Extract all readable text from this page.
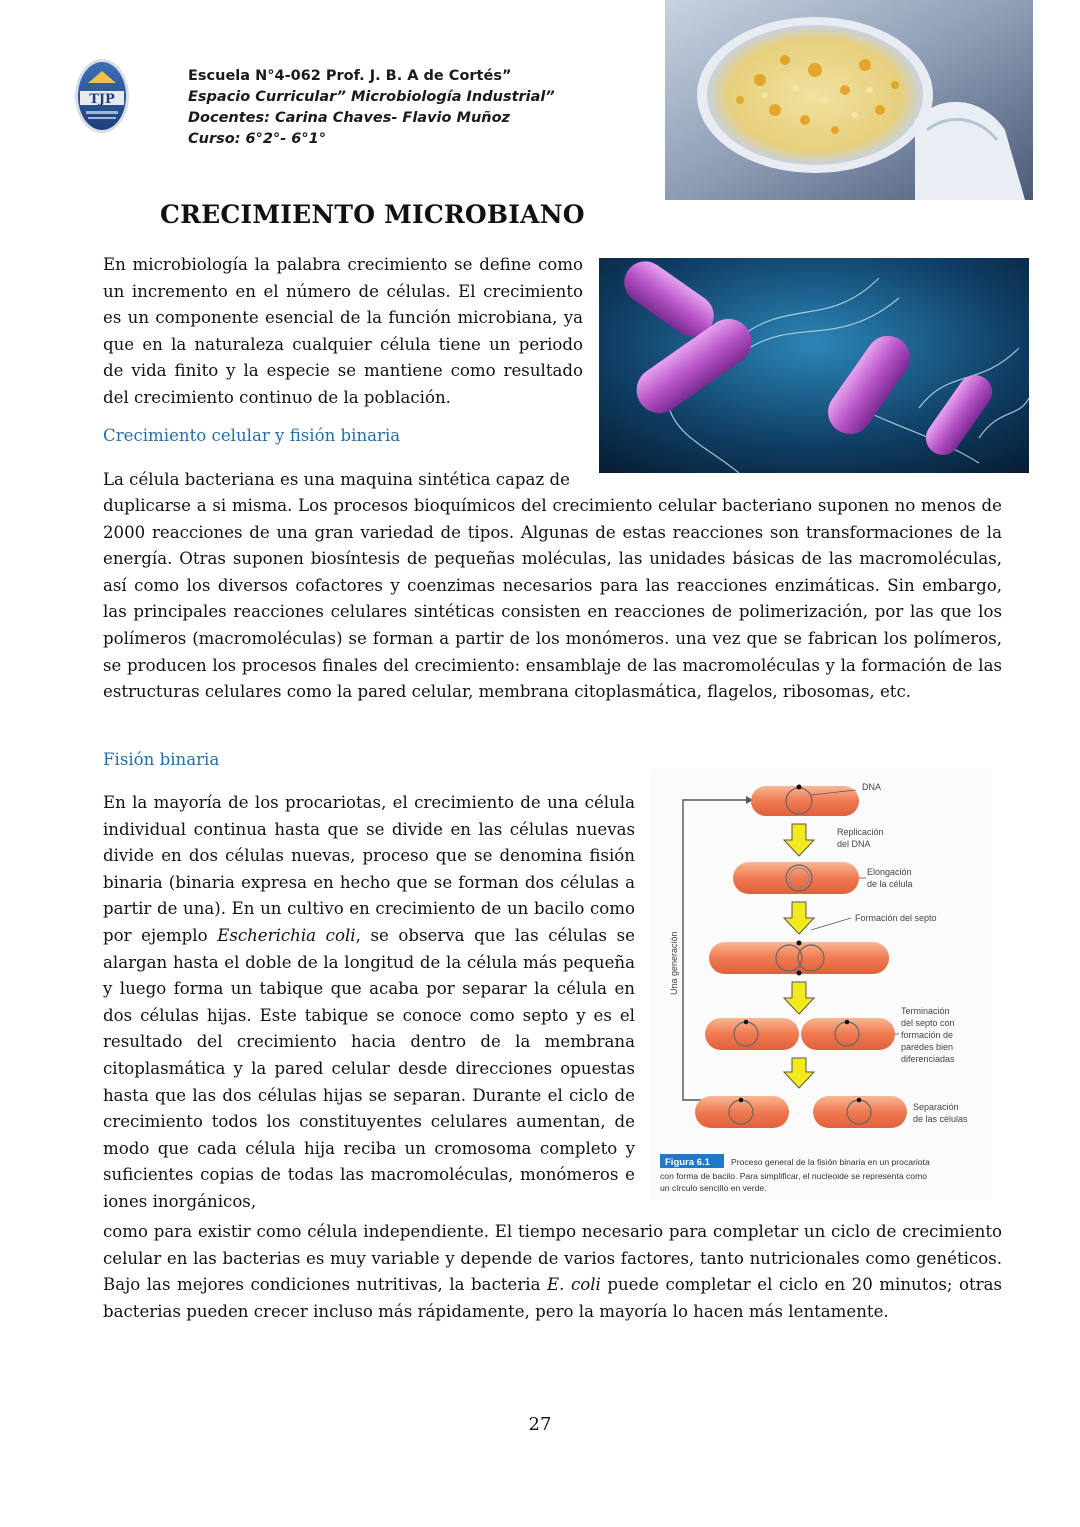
TJP
Escuela N°4-062 Prof. J. B. A de Cortés”
Espacio Curricular” Microbiología Industrial”
Docentes: Carina Chaves- Flavio Muñoz
Curso: 6°2°- 6°1°
CRECIMIENTO MICROBIANO

En microbiología la palabra crecimiento se define como un incremento en el número de células. El crecimiento es un componente esencial de la función microbiana, ya que en la naturaleza cualquier célula tiene un periodo de vida finito y la especie se mantiene como resultado del crecimiento continuo de la población.

Crecimiento celular y fisión binaria
La célula bacteriana es una maquina sintética capaz de

duplicarse a si misma. Los procesos bioquímicos del crecimiento celular bacteriano suponen no menos de 2000 reacciones de una gran variedad de tipos. Algunas de estas reacciones son transformaciones de la energía. Otras suponen biosíntesis de pequeñas moléculas, las unidades básicas de las macromoléculas, así como los diversos cofactores y coenzimas necesarios para las reacciones enzimáticas. Sin embargo, las principales reacciones celulares sintéticas consisten en reacciones de polimerización, por las que los polímeros (macromoléculas) se forman a partir de los monómeros. una vez que se fabrican los polímeros, se producen los procesos finales del crecimiento: ensamblaje de las macromoléculas y la formación de las estructuras celulares como la pared celular, membrana citoplasmática, flagelos, ribosomas, etc.

Fisión binaria

En la mayoría de los procariotas, el crecimiento de una célula individual continua hasta que se divide en las células nuevas divide en dos células nuevas, proceso que se denomina fisión binaria (binaria expresa en hecho que se forman dos células a partir de una). En un cultivo en crecimiento de un bacilo como por ejemplo Escherichia coli, se observa que las células se alargan hasta el doble de la longitud de la célula más pequeña y luego forma un tabique que acaba por separar la célula en dos células hijas. Este tabique se conoce como septo y es el resultado del crecimiento hacia dentro de la membrana citoplasmática y la pared celular desde direcciones opuestas hasta que las dos células hijas se separan. Durante el ciclo de crecimiento todos los constituyentes celulares aumentan, de modo que cada célula hija reciba un cromosoma completo y suficientes copias de todas las macromoléculas, monómeros e iones inorgánicos,

como para existir como célula independiente. El tiempo necesario para completar un ciclo de crecimiento celular en las bacterias es muy variable y depende de varios factores, tanto nutricionales como genéticos. Bajo las mejores condiciones nutritivas, la bacteria E. coli puede completar el ciclo en 20 minutos; otras bacterias pueden crecer incluso más rápidamente, pero la mayoría lo hacen más lentamente.

Una generación
DNA
Replicación
del DNA
Elongación
de la célula
Formación del septo
Terminación
del septo con
formación de
paredes bien
diferenciadas
Separación
de las células
Figura 6.1 Proceso general de la fisión binaria en un procariota
con forma de bacilo. Para simplificar, el nucleoide se representa como
un círculo sencillo en verde.
27
